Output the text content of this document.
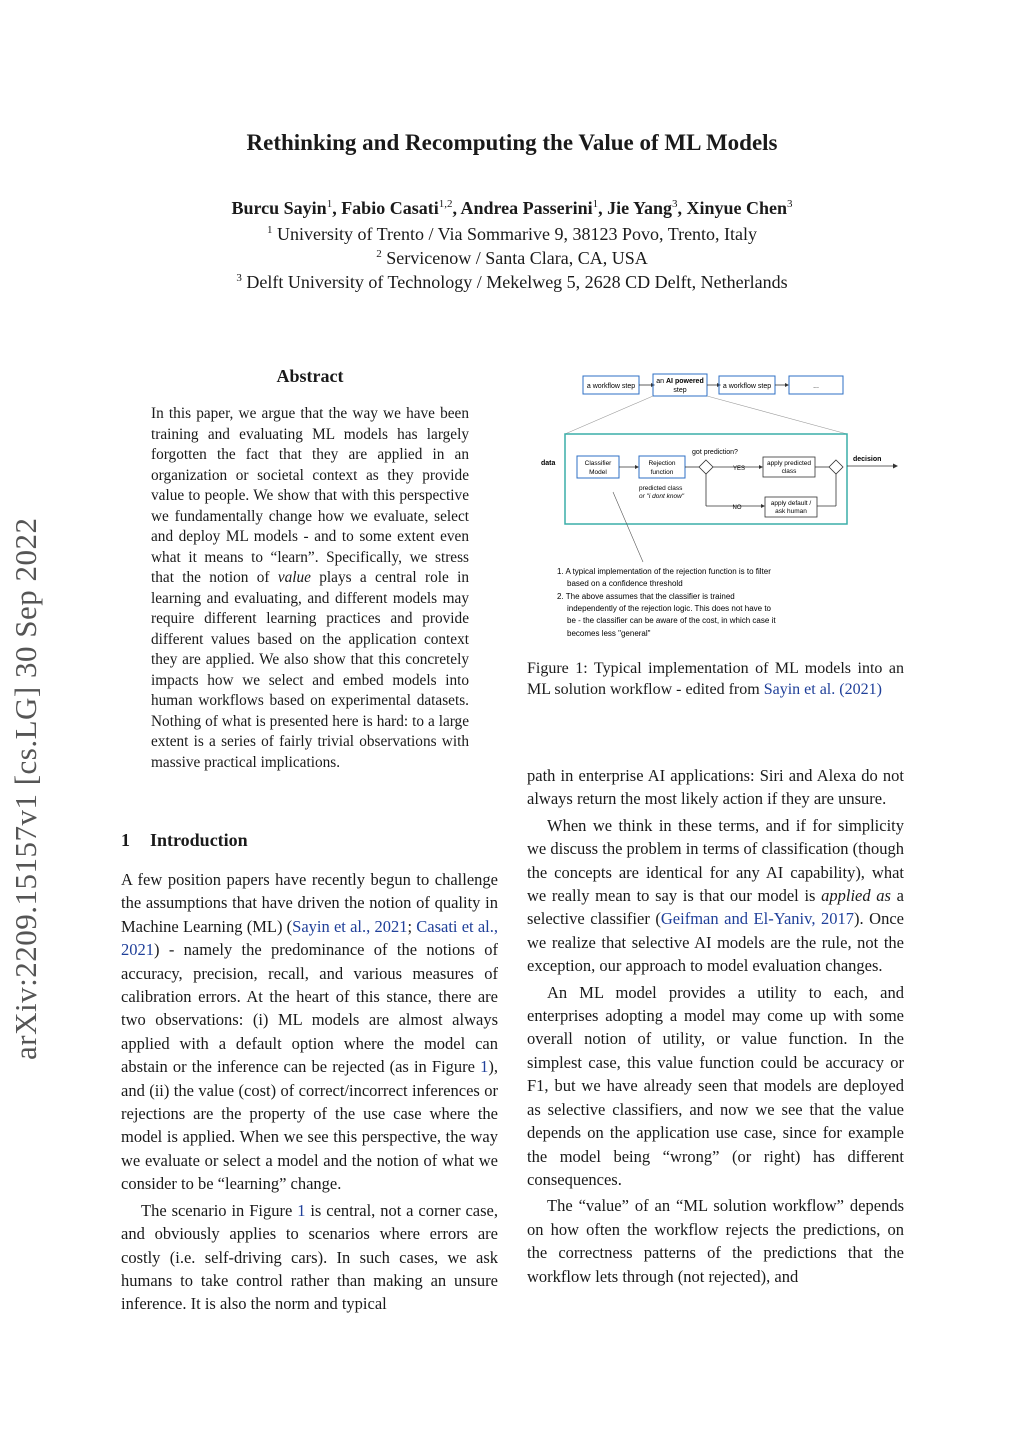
arXiv:2209.15157v1 [cs.LG] 30 Sep 2022
Rethinking and Recomputing the Value of ML Models
Burcu Sayin$^1$, Fabio Casati$^{1,2}$, Andrea Passerini$^1$, Jie Yang$^3$, Xinyue Chen$^3$
$^1$ University of Trento / Via Sommarive 9, 38123 Povo, Trento, Italy
$^2$ Servicenow / Santa Clara, CA, USA
$^3$ Delft University of Technology / Mekelweg 5, 2628 CD Delft, Netherlands
Abstract

In this paper, we argue that the way we have been training and evaluating ML models has largely forgotten the fact that they are applied in an organization or societal context as they provide value to people. We show that with this perspective we fundamentally change how we evaluate, select and deploy ML models - and to some extent even what it means to “learn”. Specifically, we stress that the notion of value plays a central role in learning and evaluating, and different models may require different learning practices and provide different values based on the application context they are applied. We also show that this concretely impacts how we select and embed models into human workflows based on experimental datasets. Nothing of what is presented here is hard: to a large extent is a series of fairly trivial observations with massive practical implications.

1 Introduction

A few position papers have recently begun to challenge the assumptions that have driven the notion of quality in Machine Learning (ML) (Sayin et al., 2021; Casati et al., 2021) - namely the predominance of the notions of accuracy, precision, recall, and various measures of calibration errors. At the heart of this stance, there are two observations: (i) ML models are almost always applied with a default option where the model can abstain or the inference can be rejected (as in Figure 1), and (ii) the value (cost) of correct/incorrect inferences or rejections are the property of the use case where the model is applied. When we see this perspective, the way we evaluate or select a model and the notion of what we consider to be “learning” change.

The scenario in Figure 1 is central, not a corner case, and obviously applies to scenarios where errors are costly (i.e. self-driving cars). In such cases, we ask humans to take control rather than making an unsure inference. It is also the norm and typical

a workflow step
an AI powered
step
a workflow step	...
data
decision
Classifier
Model
Rejection
function
got prediction?
YES
apply predicted
class
NO
apply default /
ask human
predicted class
or "i dont know"
1. A typical implementation of the rejection function is to filter
based on a confidence threshold
2. The above assumes that the classifier is trained
independently of the rejection logic. This does not have to
be - the classifier can be aware of the cost, in which case it
becomes less "general"
Figure 1: Typical implementation of ML models into an ML solution workflow - edited from Sayin et al. (2021)

path in enterprise AI applications: Siri and Alexa do not always return the most likely action if they are unsure.

When we think in these terms, and if for simplicity we discuss the problem in terms of classification (though the concepts are identical for any AI capability), what we really mean to say is that our model is applied as a selective classifier (Geifman and El-Yaniv, 2017). Once we realize that selective AI models are the rule, not the exception, our approach to model evaluation changes.

An ML model provides a utility to each, and enterprises adopting a model may come up with some overall notion of utility, or value function. In the simplest case, this value function could be accuracy or F1, but we have already seen that models are deployed as selective classifiers, and now we see that the value depends on the application use case, since for example the model being “wrong” (or right) has different consequences.

The “value” of an “ML solution workflow” depends on how often the workflow rejects the predictions, on the correctness patterns of the predictions that the workflow lets through (not rejected), and
